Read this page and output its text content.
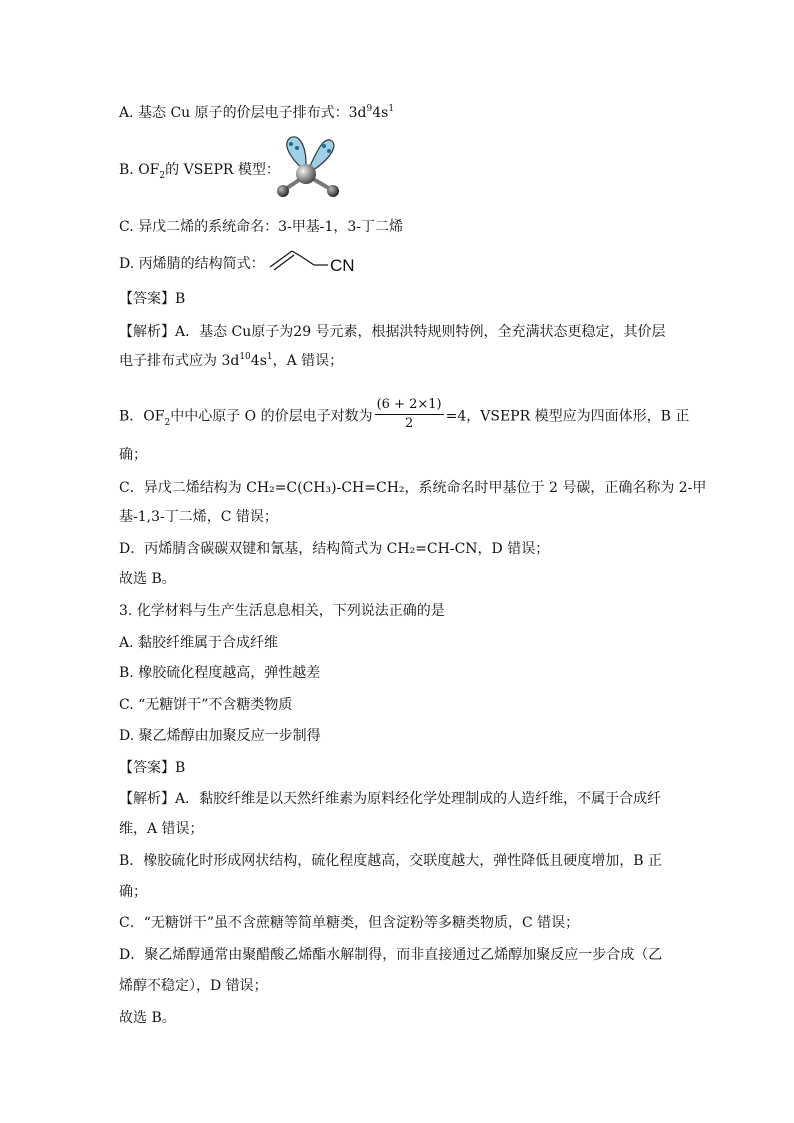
A. 基态 Cu 原子的价层电子排布式：$3d^94s^1$
B. $OF_2$的 VSEPR 模型：
C. 异戊二烯的系统命名：3-甲基-1，3-丁二烯
D. 丙烯腈的结构简式：	CN
【答案】B
【解析】A．基态 Cu原子为29 号元素，根据洪特规则特例，全充满状态更稳定，其价层
电子排布式应为 $3d^{10}4s^1$，A 错误；
B．$OF_2$中中心原子 O 的价层电子对数为 $\frac{(6 + 2\times 1)}{2} =4$，VSEPR 模型应为四面体形，B 正
确；
C．异戊二烯结构为 CH₂=C(CH₃)-CH=CH₂，系统命名时甲基位于 2 号碳，正确名称为 2-甲
基-1,3-丁二烯，C 错误；
D．丙烯腈含碳碳双键和氰基，结构简式为 CH₂=CH-CN，D 错误；
故选 B。
3. 化学材料与生产生活息息相关，下列说法正确的是
A. 黏胶纤维属于合成纤维
B. 橡胶硫化程度越高，弹性越差
C. “无糖饼干”不含糖类物质
D. 聚乙烯醇由加聚反应一步制得
【答案】B
【解析】A．黏胶纤维是以天然纤维素为原料经化学处理制成的人造纤维，不属于合成纤
维，A 错误；
B．橡胶硫化时形成网状结构，硫化程度越高，交联度越大，弹性降低且硬度增加，B 正
确；
C．“无糖饼干”虽不含蔗糖等简单糖类，但含淀粉等多糖类物质，C 错误；
D．聚乙烯醇通常由聚醋酸乙烯酯水解制得，而非直接通过乙烯醇加聚反应一步合成（乙
烯醇不稳定），D 错误；
故选 B。
